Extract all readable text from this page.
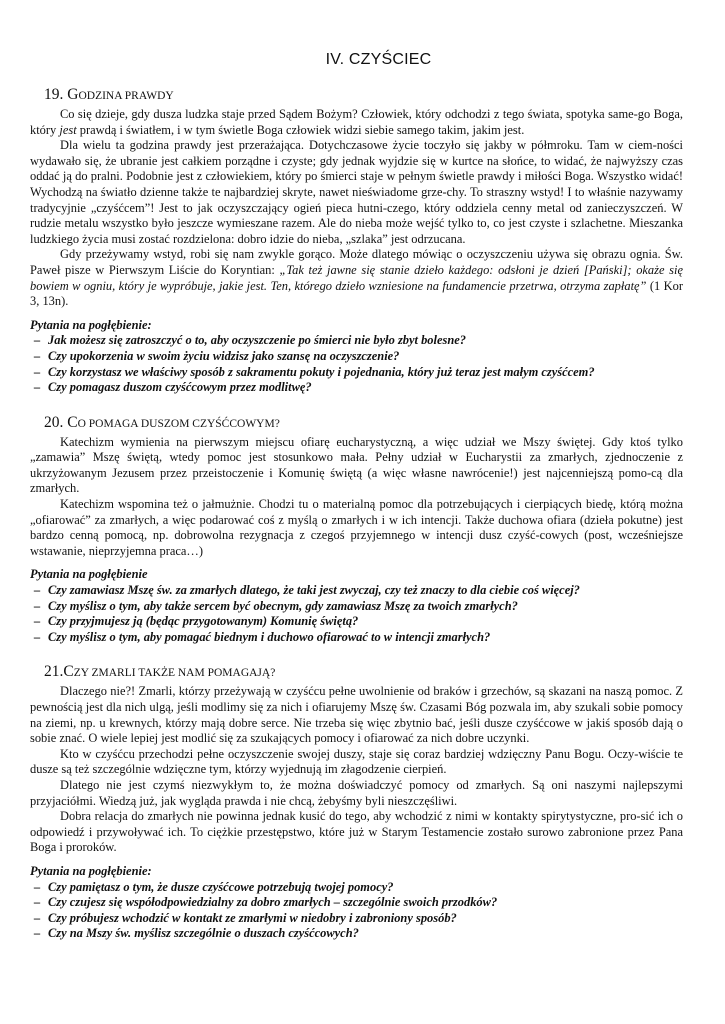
IV. CZYŚCIEC
19. GODZINA PRAWDY

Co się dzieje, gdy dusza ludzka staje przed Sądem Bożym? Człowiek, który odchodzi z tego świata, spotyka same-go Boga, który jest prawdą i światłem, i w tym świetle Boga człowiek widzi siebie samego takim, jakim jest.

Dla wielu ta godzina prawdy jest przerażająca. Dotychczasowe życie toczyło się jakby w półmroku. Tam w ciem-ności wydawało się, że ubranie jest całkiem porządne i czyste; gdy jednak wyjdzie się w kurtce na słońce, to widać, że najwyższy czas oddać ją do pralni. Podobnie jest z człowiekiem, który po śmierci staje w pełnym świetle prawdy i miłości Boga. Wszystko widać! Wychodzą na światło dzienne także te najbardziej skryte, nawet nieświadome grze-chy. To straszny wstyd! I to właśnie nazywamy tradycyjnie „czyśćcem”! Jest to jak oczyszczający ogień pieca hutni-czego, który oddziela cenny metal od zanieczyszczeń. W rudzie metalu wszystko było jeszcze wymieszane razem. Ale do nieba może wejść tylko to, co jest czyste i szlachetne. Mieszanka ludzkiego życia musi zostać rozdzielona: dobro idzie do nieba, „szlaka” jest odrzucana.

Gdy przeżywamy wstyd, robi się nam zwykle gorąco. Może dlatego mówiąc o oczyszczeniu używa się obrazu ognia. Św. Paweł pisze w Pierwszym Liście do Koryntian: „Tak też jawne się stanie dzieło każdego: odsłoni je dzień [Pański]; okaże się bowiem w ogniu, który je wypróbuje, jakie jest. Ten, którego dzieło wzniesione na fundamencie przetrwa, otrzyma zapłatę” (1 Kor 3, 13n).

Pytania na pogłębienie:
– Jak możesz się zatroszczyć o to, aby oczyszczenie po śmierci nie było zbyt bolesne?
– Czy upokorzenia w swoim życiu widzisz jako szansę na oczyszczenie?
– Czy korzystasz we właściwy sposób z sakramentu pokuty i pojednania, który już teraz jest małym czyśćcem?
– Czy pomagasz duszom czyśćcowym przez modlitwę?
20. CO POMAGA DUSZOM CZYŚĆCOWYM?

Katechizm wymienia na pierwszym miejscu ofiarę eucharystyczną, a więc udział we Mszy świętej. Gdy ktoś tylko „zamawia” Mszę świętą, wtedy pomoc jest stosunkowo mała. Pełny udział w Eucharystii za zmarłych, zjednoczenie z ukrzyżowanym Jezusem przez przeistoczenie i Komunię świętą (a więc własne nawrócenie!) jest najcenniejszą pomo-cą dla zmarłych.

Katechizm wspomina też o jałmużnie. Chodzi tu o materialną pomoc dla potrzebujących i cierpiących biedę, którą można „ofiarować” za zmarłych, a więc podarować coś z myślą o zmarłych i w ich intencji. Także duchowa ofiara (dzieła pokutne) jest bardzo cenną pomocą, np. dobrowolna rezygnacja z czegoś przyjemnego w intencji dusz czyść-cowych (post, wcześniejsze wstawanie, nieprzyjemna praca…)

Pytania na pogłębienie
– Czy zamawiasz Mszę św. za zmarłych dlatego, że taki jest zwyczaj, czy też znaczy to dla ciebie coś więcej?
– Czy myślisz o tym, aby także sercem być obecnym, gdy zamawiasz Mszę za twoich zmarłych?
– Czy przyjmujesz ją (będąc przygotowanym) Komunię świętą?
– Czy myślisz o tym, aby pomagać biednym i duchowo ofiarować to w intencji zmarłych?
21.CZY ZMARLI TAKŻE NAM POMAGAJĄ?

Dlaczego nie?! Zmarli, którzy przeżywają w czyśćcu pełne uwolnienie od braków i grzechów, są skazani na naszą pomoc. Z pewnością jest dla nich ulgą, jeśli modlimy się za nich i ofiarujemy Mszę św. Czasami Bóg pozwala im, aby szukali sobie pomocy na ziemi, np. u krewnych, którzy mają dobre serce. Nie trzeba się więc zbytnio bać, jeśli dusze czyśćcowe w jakiś sposób dają o sobie znać. O wiele lepiej jest modlić się za szukających pomocy i ofiarować za nich dobre uczynki.

Kto w czyśćcu przechodzi pełne oczyszczenie swojej duszy, staje się coraz bardziej wdzięczny Panu Bogu. Oczy-wiście te dusze są też szczególnie wdzięczne tym, którzy wyjednują im złagodzenie cierpień.

Dlatego nie jest czymś niezwykłym to, że można doświadczyć pomocy od zmarłych. Są oni naszymi najlepszymi przyjaciółmi. Wiedzą już, jak wygląda prawda i nie chcą, żebyśmy byli nieszczęśliwi.

Dobra relacja do zmarłych nie powinna jednak kusić do tego, aby wchodzić z nimi w kontakty spirytystyczne, pro-sić ich o odpowiedź i przywoływać ich. To ciężkie przestępstwo, które już w Starym Testamencie zostało surowo zabronione przez Pana Boga i proroków.

Pytania na pogłębienie:
– Czy pamiętasz o tym, że dusze czyśćcowe potrzebują twojej pomocy?
– Czy czujesz się współodpowiedzialny za dobro zmarłych – szczególnie swoich przodków?
– Czy próbujesz wchodzić w kontakt ze zmarłymi w niedobry i zabroniony sposób?
– Czy na Mszy św. myślisz szczególnie o duszach czyśćcowych?
